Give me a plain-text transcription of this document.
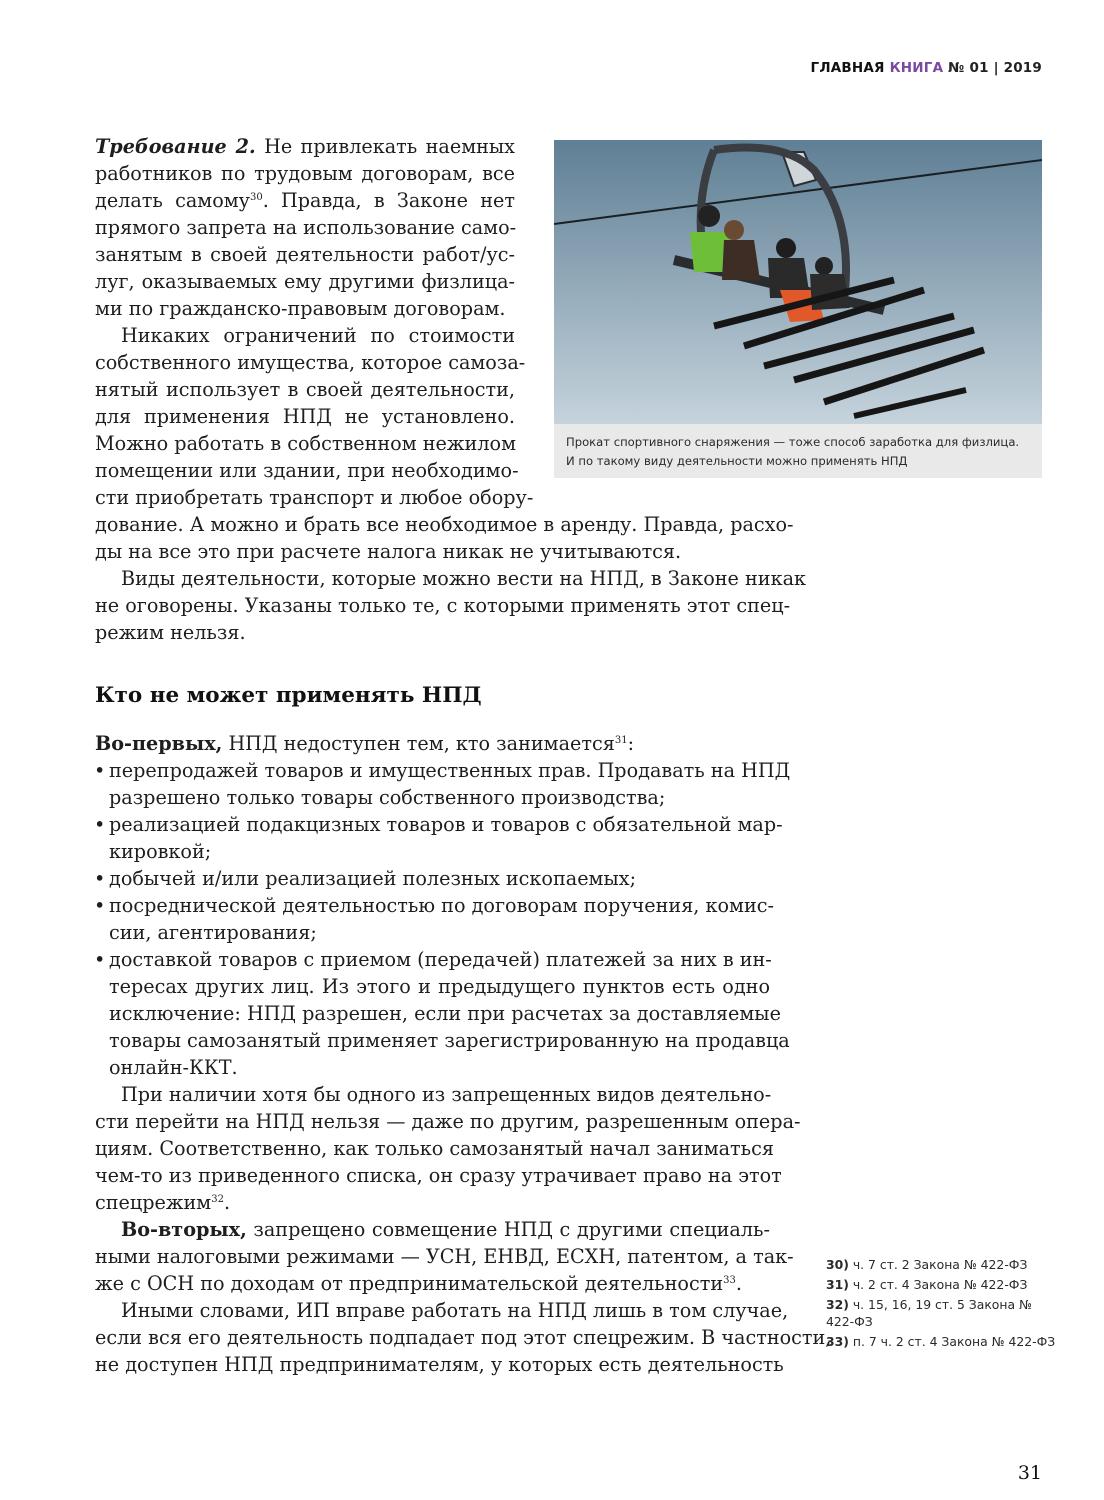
ГЛАВНАЯ КНИГА № 01 | 2019
Прокат спортивного снаряжения — тоже способ заработка для физлица.
И по такому виду деятельности можно применять НПД
Требование 2. Не привлекать наемных
работников по трудовым договорам, все
делать самому$^{30}$. Правда, в Законе нет
прямого запрета на использование само-
занятым в своей деятельности работ/ус-
луг, оказываемых ему другими физлица-
ми по гражданско-правовым договорам.
Никаких ограничений по стоимости
собственного имущества, которое самоза-
нятый использует в своей деятельности,
для применения НПД не установлено.
Можно работать в собственном нежилом
помещении или здании, при необходимо-
сти приобретать транспорт и любое обору-
дование. А можно и брать все необходимое в аренду. Правда, расхо-
ды на все это при расчете налога никак не учитываются.
Виды деятельности, которые можно вести на НПД, в Законе никак
не оговорены. Указаны только те, с которыми применять этот спец-
режим нельзя.
Кто не может применять НПД
Во-первых, НПД недоступен тем, кто занимается$^{31}$:
• перепродажей товаров и имущественных прав. Продавать на НПД
разрешено только товары собственного производства;
• реализацией подакцизных товаров и товаров с обязательной мар-
кировкой;
• добычей и/или реализацией полезных ископаемых;
• посреднической деятельностью по договорам поручения, комис-
сии, агентирования;
• доставкой товаров с приемом (передачей) платежей за них в ин-
тересах других лиц. Из этого и предыдущего пунктов есть одно
исключение: НПД разрешен, если при расчетах за доставляемые
товары самозанятый применяет зарегистрированную на продавца
онлайн-ККТ.
При наличии хотя бы одного из запрещенных видов деятельно-
сти перейти на НПД нельзя — даже по другим, разрешенным опера-
циям. Соответственно, как только самозанятый начал заниматься
чем-то из приведенного списка, он сразу утрачивает право на этот
спецрежим$^{32}$.
Во-вторых, запрещено совмещение НПД с другими специаль-
ными налоговыми режимами — УСН, ЕНВД, ЕСХН, патентом, а так-
же с ОСН по доходам от предпринимательской деятельности$^{33}$.
Иными словами, ИП вправе работать на НПД лишь в том случае,
если вся его деятельность подпадает под этот спецрежим. В частности,
не доступен НПД предпринимателям, у которых есть деятельность
30) ч. 7 ст. 2 Закона № 422-ФЗ
31) ч. 2 ст. 4 Закона № 422-ФЗ
32) ч. 15, 16, 19 ст. 5 Закона № 422-ФЗ
33) п. 7 ч. 2 ст. 4 Закона № 422-ФЗ
31
